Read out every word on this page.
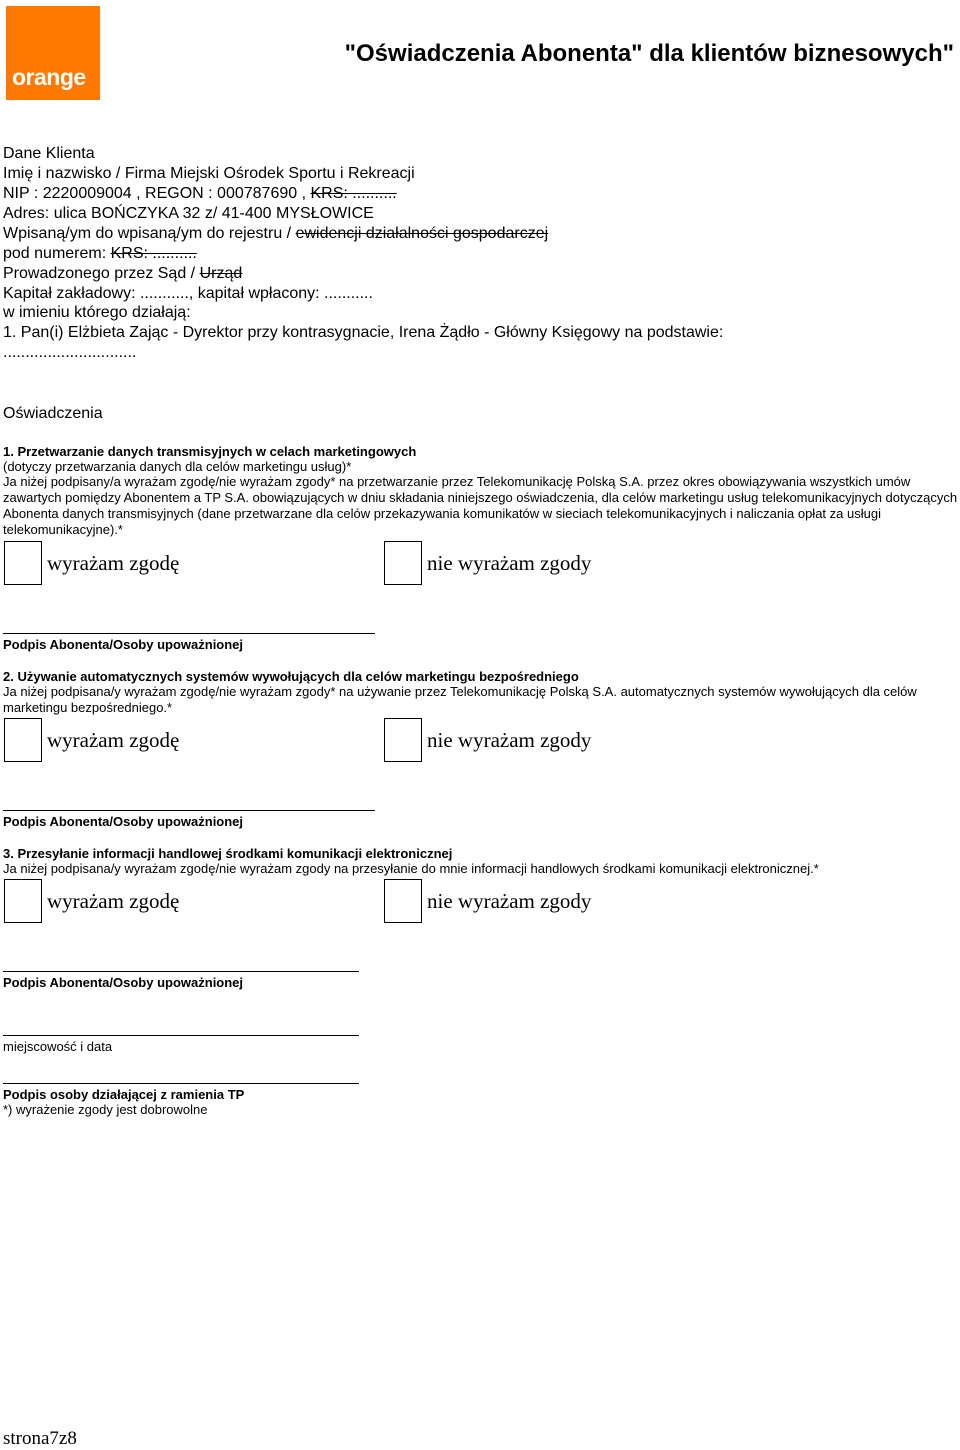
orange
"Oświadczenia Abonenta" dla klientów biznesowych"
Dane Klienta
Imię i nazwisko / Firma Miejski Ośrodek Sportu i Rekreacji
NIP : 2220009004 , REGON : 000787690 , KRS: ..........
Adres: ulica BOŃCZYKA 32 z/ 41-400 MYSŁOWICE
Wpisaną/ym do wpisaną/ym do rejestru / ewidencji działalności gospodarczej
pod numerem: KRS: ..........
Prowadzonego przez Sąd / Urząd
Kapitał zakładowy: ..........., kapitał wpłacony: ...........
w imieniu którego działają:
1. Pan(i) Elżbieta Zając - Dyrektor przy kontrasygnacie, Irena Żądło - Główny Księgowy na podstawie:
..............................
Oświadczenia
1. Przetwarzanie danych transmisyjnych w celach marketingowych
(dotyczy przetwarzania danych dla celów marketingu usług)*
Ja niżej podpisany/a wyrażam zgodę/nie wyrażam zgody* na przetwarzanie przez Telekomunikację Polską S.A. przez okres obowiązywania wszystkich umów zawartych pomiędzy Abonentem a TP S.A. obowiązujących w dniu składania niniejszego oświadczenia, dla celów marketingu usług telekomunikacyjnych dotyczących Abonenta danych transmisyjnych (dane przetwarzane dla celów przekazywania komunikatów w sieciach telekomunikacyjnych i naliczania opłat za usługi telekomunikacyjne).*
wyrażam zgodę	nie wyrażam zgody
Podpis Abonenta/Osoby upoważnionej
2. Używanie automatycznych systemów wywołujących dla celów marketingu bezpośredniego
Ja niżej podpisana/y wyrażam zgodę/nie wyrażam zgody* na używanie przez Telekomunikację Polską S.A. automatycznych systemów wywołujących dla celów marketingu bezpośredniego.*
wyrażam zgodę	nie wyrażam zgody
Podpis Abonenta/Osoby upoważnionej
3. Przesyłanie informacji handlowej środkami komunikacji elektronicznej
Ja niżej podpisana/y wyrażam zgodę/nie wyrażam zgody na przesyłanie do mnie informacji handlowych środkami komunikacji elektronicznej.*
wyrażam zgodę	nie wyrażam zgody
Podpis Abonenta/Osoby upoważnionej
miejscowość i data
Podpis osoby działającej z ramienia TP
*) wyrażenie zgody jest dobrowolne
strona7z8
